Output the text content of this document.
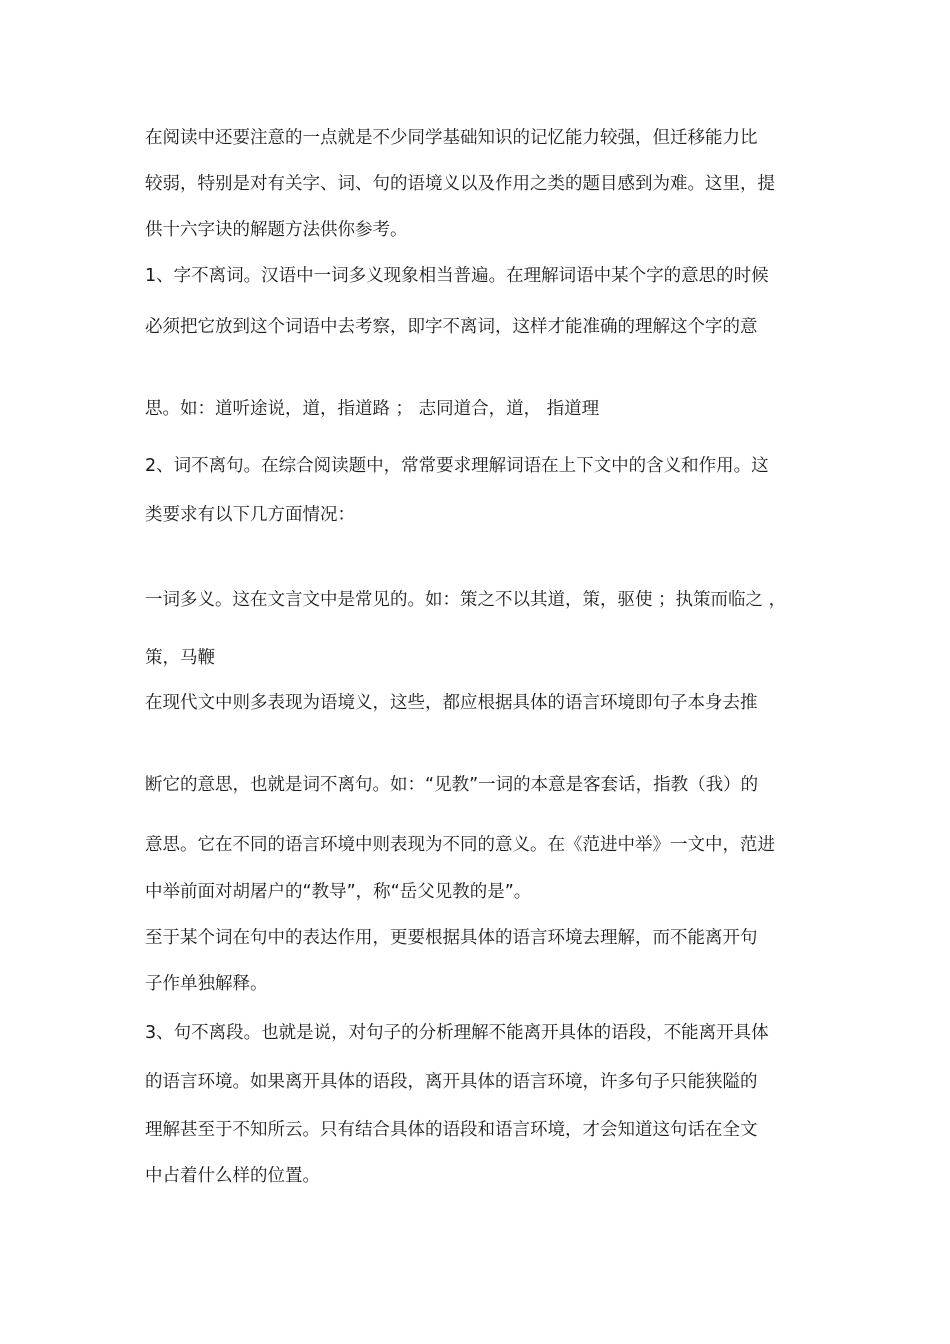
在阅读中还要注意的一点就是不少同学基础知识的记忆能力较强，但迁移能力比
较弱，特别是对有关字、词、句的语境义以及作用之类的题目感到为难。这里，提
供十六字诀的解题方法供你参考。
1、字不离词。汉语中一词多义现象相当普遍。在理解词语中某个字的意思的时候
必须把它放到这个词语中去考察，即字不离词，这样才能准确的理解这个字的意
思。如：道听途说，道，指道路 ； 志同道合，道， 指道理
2、词不离句。在综合阅读题中，常常要求理解词语在上下文中的含义和作用。这
类要求有以下几方面情况：
一词多义。这在文言文中是常见的。如：策之不以其道，策，驱使 ；执策而临之 ，
策，马鞭
在现代文中则多表现为语境义，这些，都应根据具体的语言环境即句子本身去推
断它的意思，也就是词不离句。如：“见教”一词的本意是客套话，指教（我）的
意思。它在不同的语言环境中则表现为不同的意义。在《范进中举》一文中，范进
中举前面对胡屠户的“教导”，称“岳父见教的是”。
至于某个词在句中的表达作用，更要根据具体的语言环境去理解，而不能离开句
子作单独解释。
3、句不离段。也就是说，对句子的分析理解不能离开具体的语段，不能离开具体
的语言环境。如果离开具体的语段，离开具体的语言环境，许多句子只能狭隘的
理解甚至于不知所云。只有结合具体的语段和语言环境，才会知道这句话在全文
中占着什么样的位置。
